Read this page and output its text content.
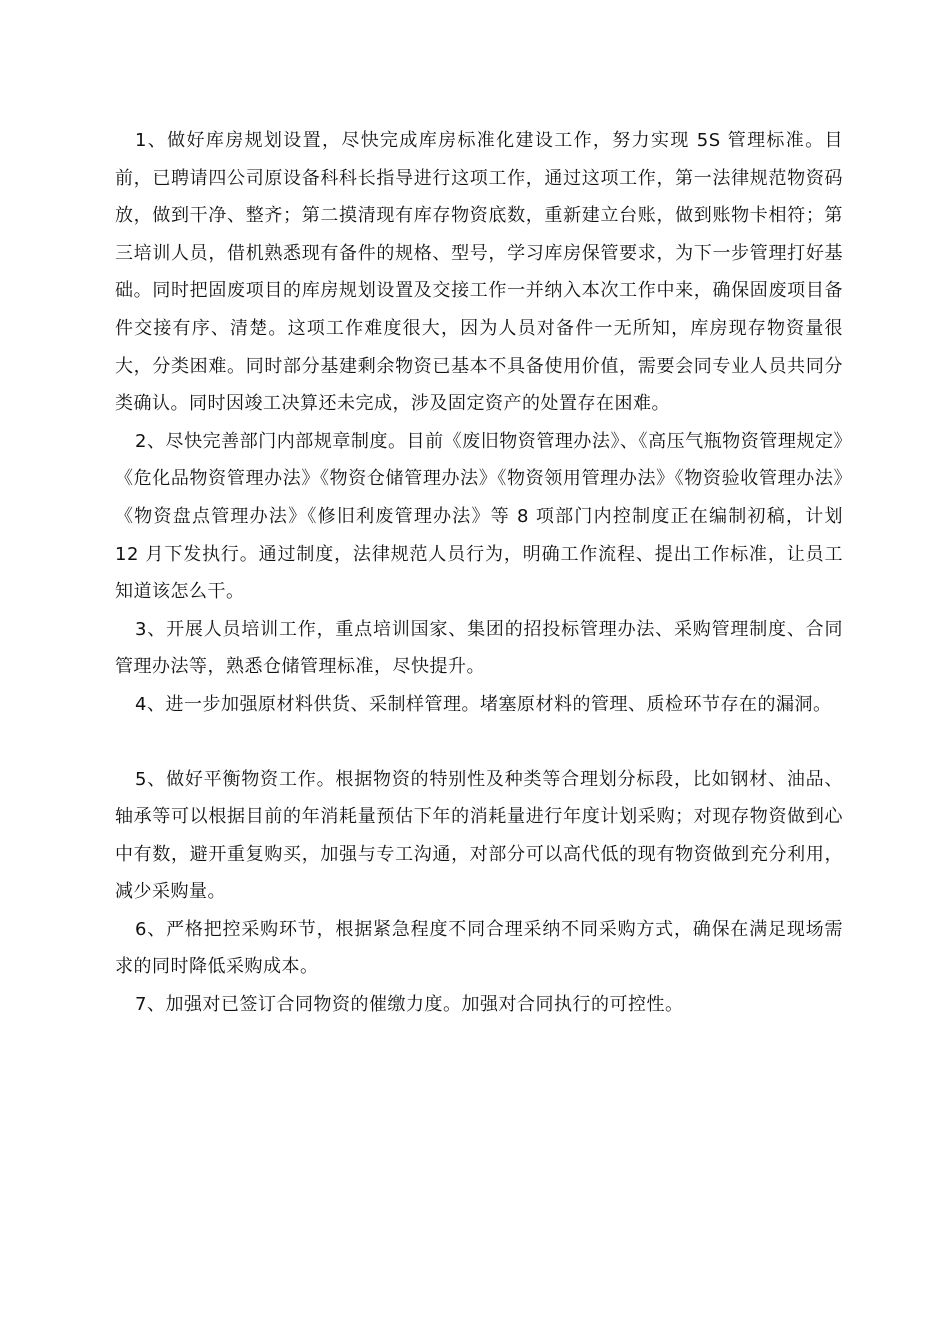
1、做好库房规划设置，尽快完成库房标准化建设工作，努力实现 5S 管理标准。目前，已聘请四公司原设备科科长指导进行这项工作，通过这项工作，第一法律规范物资码放，做到干净、整齐；第二摸清现有库存物资底数，重新建立台账，做到账物卡相符；第三培训人员，借机熟悉现有备件的规格、型号，学习库房保管要求，为下一步管理打好基础。同时把固废项目的库房规划设置及交接工作一并纳入本次工作中来，确保固废项目备件交接有序、清楚。这项工作难度很大，因为人员对备件一无所知，库房现存物资量很大，分类困难。同时部分基建剩余物资已基本不具备使用价值，需要会同专业人员共同分类确认。同时因竣工决算还未完成，涉及固定资产的处置存在困难。

2、尽快完善部门内部规章制度。目前《废旧物资管理办法》、《高压气瓶物资管理规定》《危化品物资管理办法》《物资仓储管理办法》《物资领用管理办法》《物资验收管理办法》《物资盘点管理办法》《修旧利废管理办法》等 8 项部门内控制度正在编制初稿，计划 12 月下发执行。通过制度，法律规范人员行为，明确工作流程、提出工作标准，让员工知道该怎么干。

3、开展人员培训工作，重点培训国家、集团的招投标管理办法、采购管理制度、合同管理办法等，熟悉仓储管理标准，尽快提升。

4、进一步加强原材料供货、采制样管理。堵塞原材料的管理、质检环节存在的漏洞。

5、做好平衡物资工作。根据物资的特别性及种类等合理划分标段，比如钢材、油品、轴承等可以根据目前的年消耗量预估下年的消耗量进行年度计划采购；对现存物资做到心中有数，避开重复购买，加强与专工沟通，对部分可以高代低的现有物资做到充分利用，减少采购量。

6、严格把控采购环节，根据紧急程度不同合理采纳不同采购方式，确保在满足现场需求的同时降低采购成本。

7、加强对已签订合同物资的催缴力度。加强对合同执行的可控性。
